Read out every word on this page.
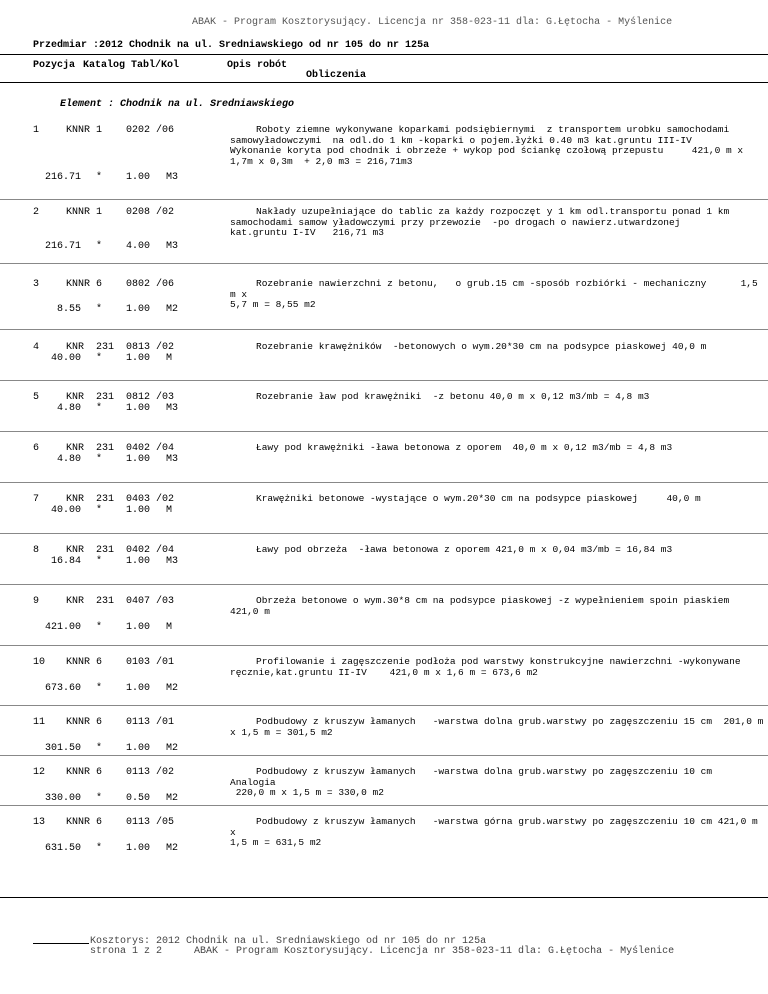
ABAK - Program Kosztorysujący. Licencja nr 358-023-11 dla: G.Łętocha - Myślenice
Przedmiar :2012 Chodnik na ul. Sredniawskiego od nr 105 do nr 125a
Pozycja Katalog Tabl/Kol	Opis robót
Obliczenia
Element : Chodnik na ul. Sredniawskiego
1	KNNR 1 0202 /06
216.71 * 1.00 M3
Roboty ziemne wykonywane koparkami podsiębiernymi  z transportem urobku samochodami
samowyładowczymi  na odl.do 1 km -koparki o pojem.łyżki 0.40 m3 kat.gruntu III-IV
Wykonanie koryta pod chodnik i obrzeże + wykop pod ściankę czołową przepustu     421,0 m x
1,7m x 0,3m  + 2,0 m3 = 216,71m3
2	KNNR 1 0208 /02
216.71 * 4.00 M3
Nakłady uzupełniające do tablic za każdy rozpoczęt y 1 km odl.transportu ponad 1 km
samochodami samow yładowczymi przy przewozie  -po drogach o nawierz.utwardzonej
kat.gruntu I-IV   216,71 m3
3	KNNR 6 0802 /06
8.55 * 1.00 M2
Rozebranie nawierzchni z betonu,   o grub.15 cm -sposób rozbiórki - mechaniczny      1,5 m x
5,7 m = 8,55 m2
4	KNR  231 0813 /02
40.00 * 1.00 M
Rozebranie krawężników  -betonowych o wym.20*30 cm na podsypce piaskowej 40,0 m
5	KNR  231 0812 /03
4.80 * 1.00 M3
Rozebranie ław pod krawężniki  -z betonu 40,0 m x 0,12 m3/mb = 4,8 m3
6	KNR  231 0402 /04
4.80 * 1.00 M3
Ławy pod krawężniki -ława betonowa z oporem  40,0 m x 0,12 m3/mb = 4,8 m3
7	KNR  231 0403 /02
40.00 * 1.00 M
Krawężniki betonowe -wystające o wym.20*30 cm na podsypce piaskowej     40,0 m
8	KNR  231 0402 /04
16.84 * 1.00 M3
Ławy pod obrzeża  -ława betonowa z oporem 421,0 m x 0,04 m3/mb = 16,84 m3
9	KNR  231 0407 /03
421.00 * 1.00 M
Obrzeża betonowe o wym.30*8 cm na podsypce piaskowej -z wypełnieniem spoin piaskiem
421,0 m
10 KNNR 6 0103 /01
673.60 * 1.00 M2
Profilowanie i zagęszczenie podłoża pod warstwy konstrukcyjne nawierzchni -wykonywane
ręcznie,kat.gruntu II-IV    421,0 m x 1,6 m = 673,6 m2
11 KNNR 6 0113 /01
301.50 * 1.00 M2
Podbudowy z kruszyw łamanych   -warstwa dolna grub.warstwy po zagęszczeniu 15 cm  201,0 m
x 1,5 m = 301,5 m2
12 KNNR 6 0113 /02
330.00 * 0.50 M2
Podbudowy z kruszyw łamanych   -warstwa dolna grub.warstwy po zagęszczeniu 10 cm  Analogia
220,0 m x 1,5 m = 330,0 m2
13 KNNR 6 0113 /05
631.50 * 1.00 M2
Podbudowy z kruszyw łamanych   -warstwa górna grub.warstwy po zagęszczeniu 10 cm 421,0 m x
1,5 m = 631,5 m2
Kosztorys: 2012 Chodnik na ul. Sredniawskiego od nr 105 do nr 125a
strona 1 z 2	ABAK - Program Kosztorysujący. Licencja nr 358-023-11 dla: G.Łętocha - Myślenice
